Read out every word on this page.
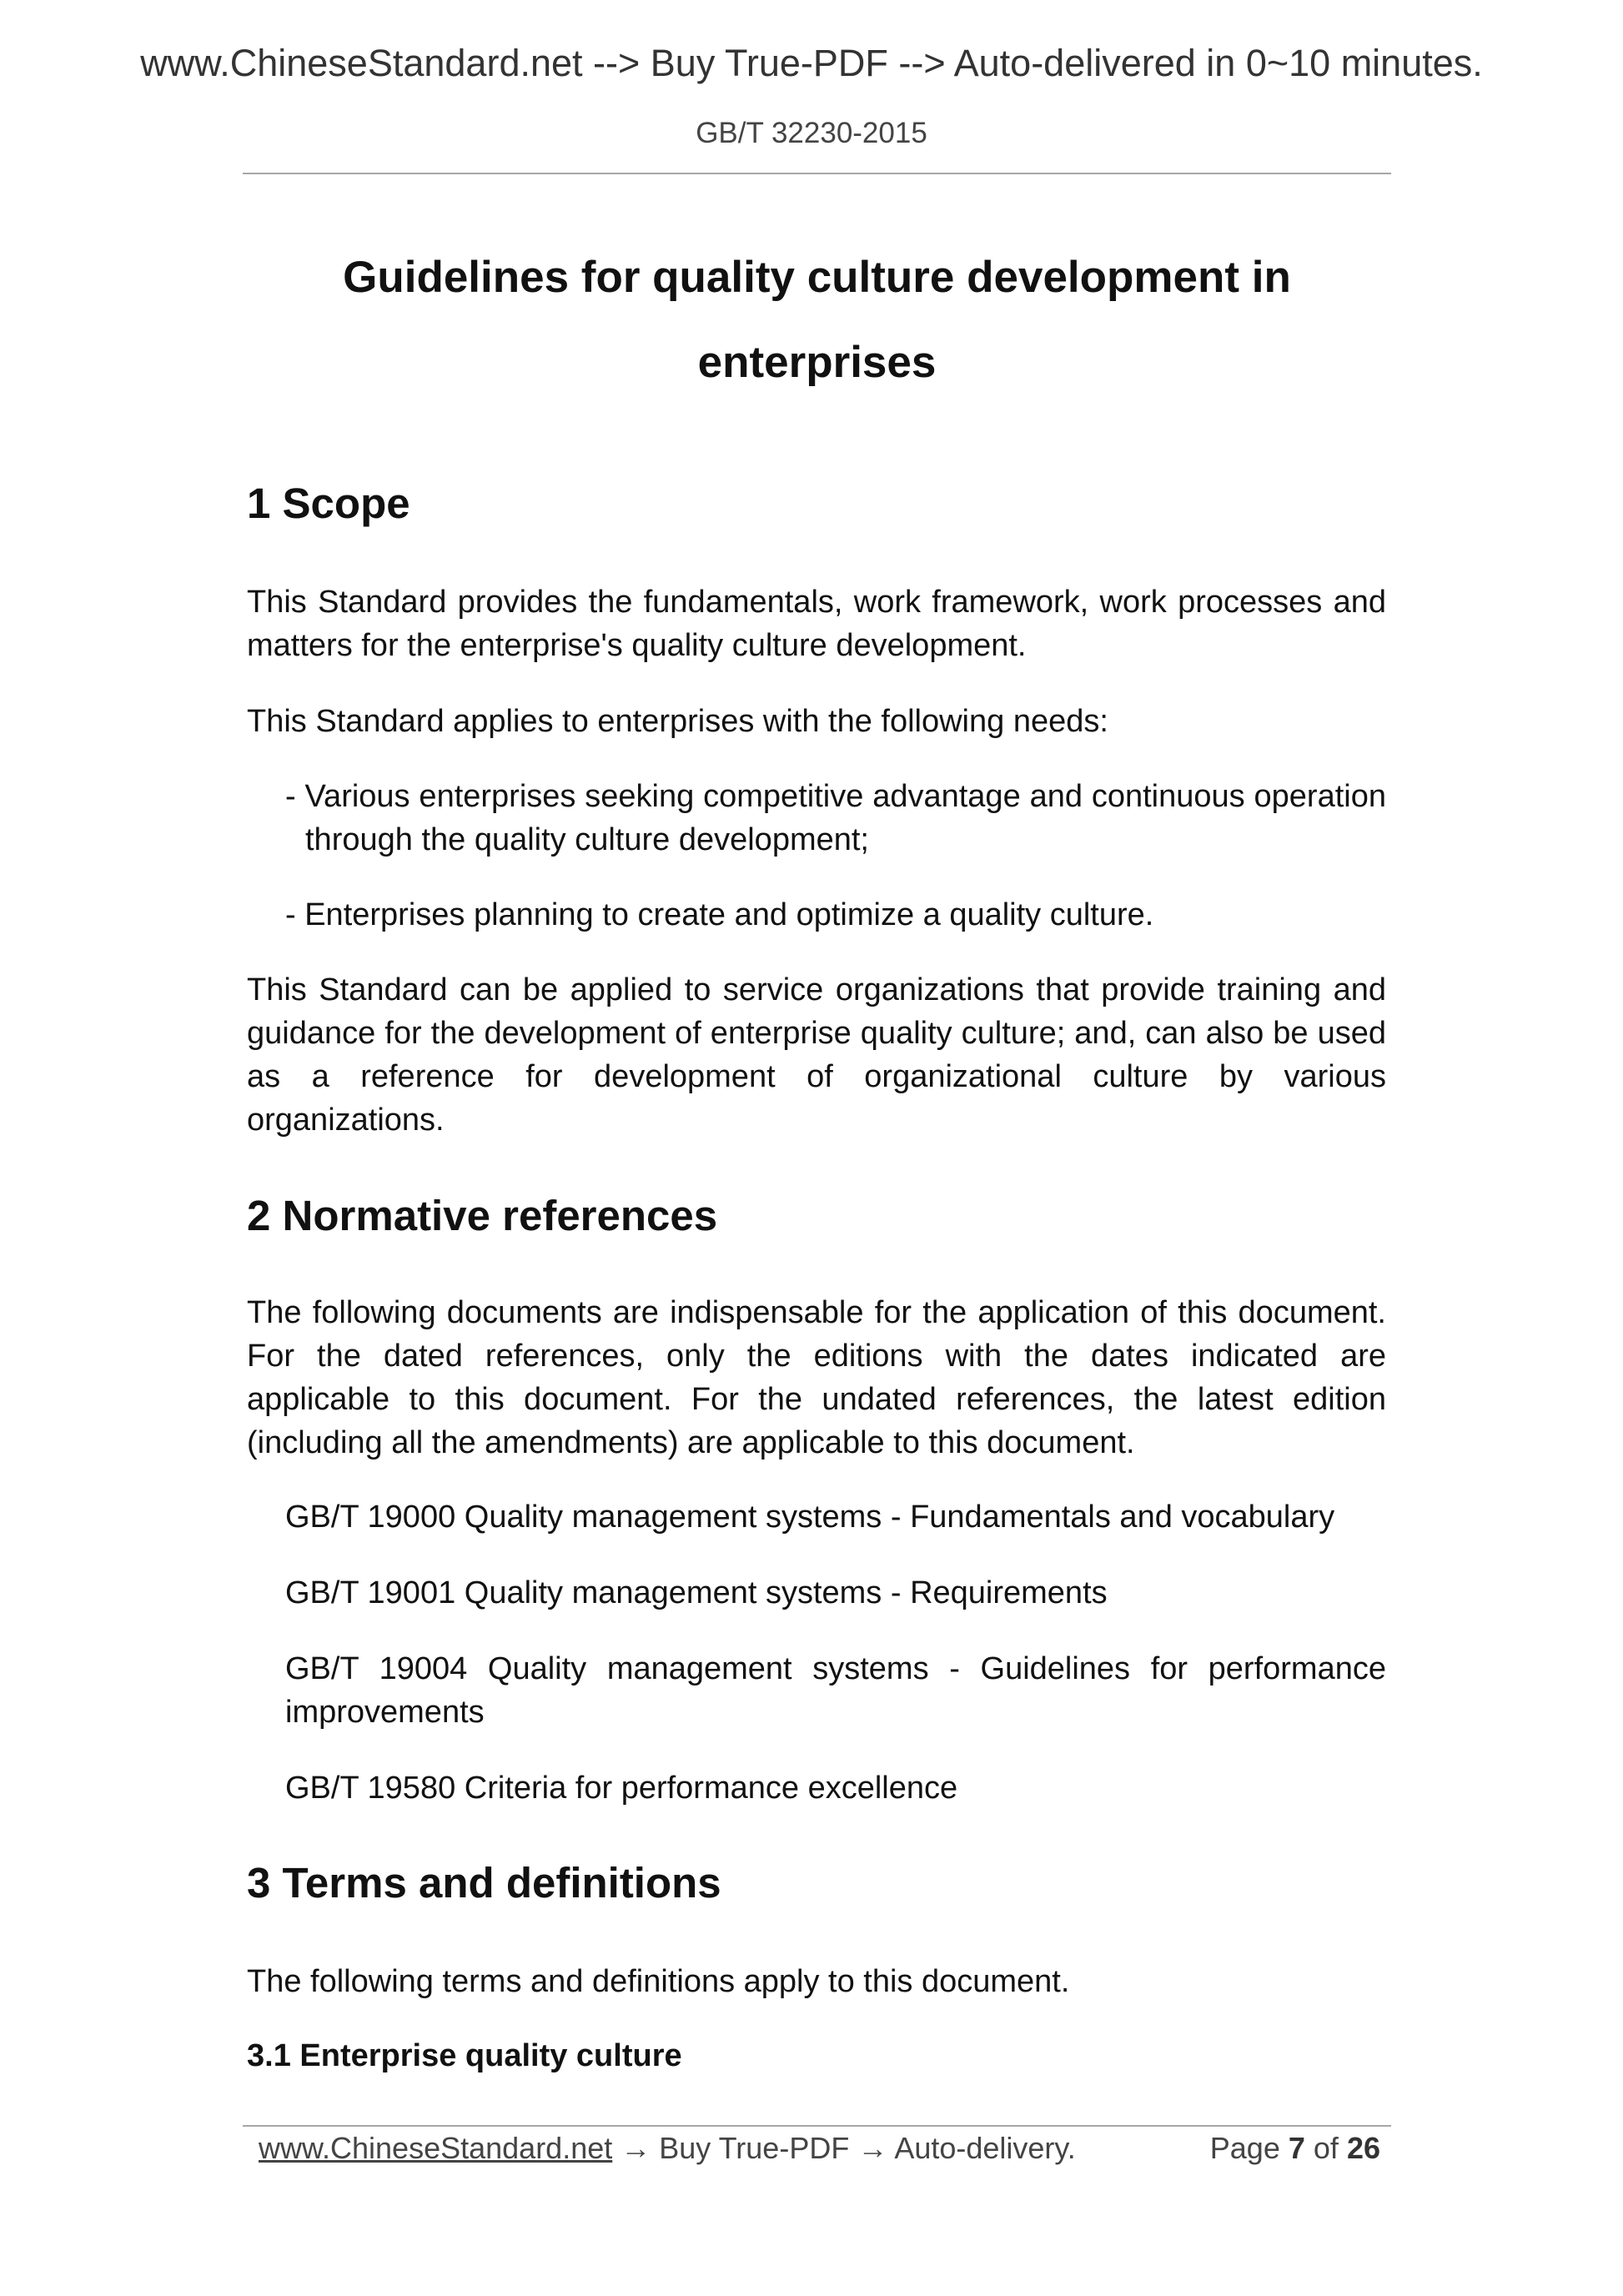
www.ChineseStandard.net --> Buy True-PDF --> Auto-delivered in 0~10 minutes.
GB/T 32230-2015
Guidelines for quality culture development in
enterprises
1 Scope
This Standard provides the fundamentals, work framework, work processes and matters for the enterprise's quality culture development.
This Standard applies to enterprises with the following needs:
- Various enterprises seeking competitive advantage and continuous operation through the quality culture development;
- Enterprises planning to create and optimize a quality culture.
This Standard can be applied to service organizations that provide training and guidance for the development of enterprise quality culture; and, can also be used as a reference for development of organizational culture by various organizations.
2 Normative references
The following documents are indispensable for the application of this document. For the dated references, only the editions with the dates indicated are applicable to this document. For the undated references, the latest edition (including all the amendments) are applicable to this document.
GB/T 19000 Quality management systems - Fundamentals and vocabulary
GB/T 19001 Quality management systems - Requirements
GB/T 19004 Quality management systems - Guidelines for performance improvements
GB/T 19580 Criteria for performance excellence
3 Terms and definitions
The following terms and definitions apply to this document.
3.1 Enterprise quality culture
www.ChineseStandard.net → Buy True-PDF → Auto-delivery.	Page 7 of 26
